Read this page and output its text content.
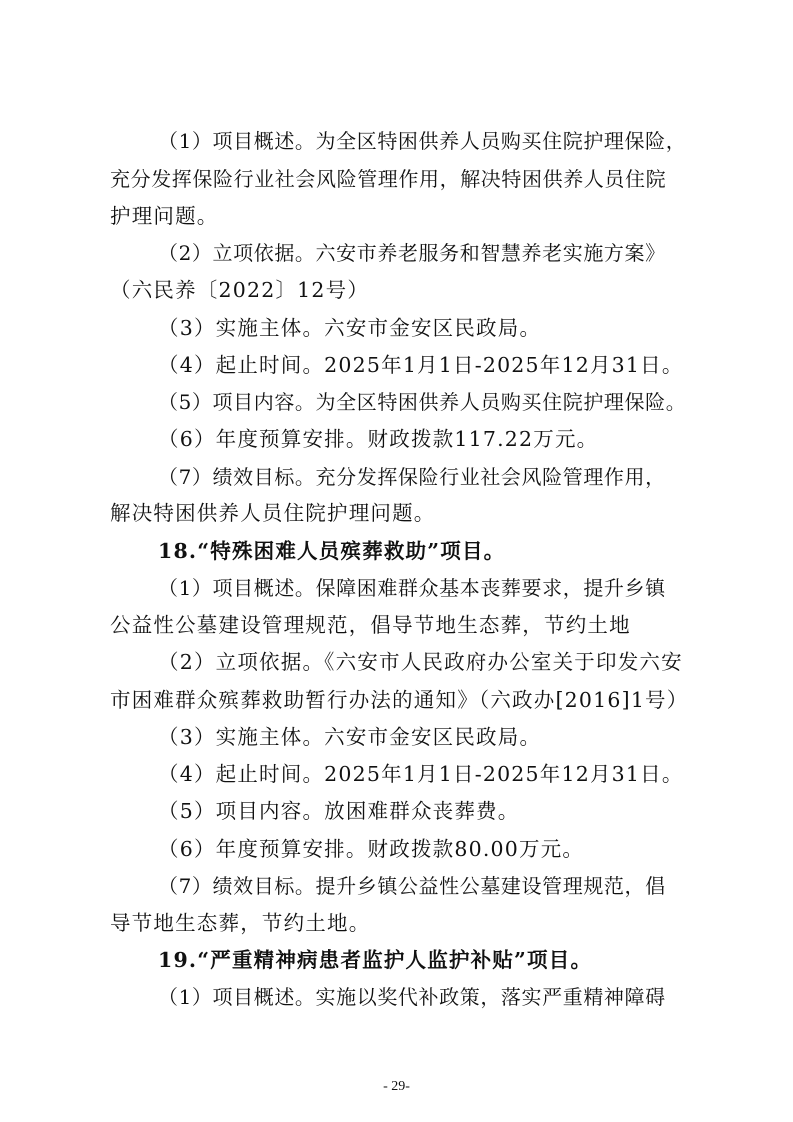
（1）项目概述。为全区特困供养人员购买住院护理保险，
充分发挥保险行业社会风险管理作用，解决特困供养人员住院
护理问题。
（2）立项依据。六安市养老服务和智慧养老实施方案》
（六民养〔2022〕12号）
（3）实施主体。六安市金安区民政局。
（4）起止时间。2025年1月1日-2025年12月31日。
（5）项目内容。为全区特困供养人员购买住院护理保险。
（6）年度预算安排。财政拨款117.22万元。
（7）绩效目标。充分发挥保险行业社会风险管理作用，
解决特困供养人员住院护理问题。
18.“特殊困难人员殡葬救助”项目。
（1）项目概述。保障困难群众基本丧葬要求，提升乡镇
公益性公墓建设管理规范，倡导节地生态葬，节约土地
（2）立项依据。《六安市人民政府办公室关于印发六安
市困难群众殡葬救助暂行办法的通知》（六政办[2016]1号）
（3）实施主体。六安市金安区民政局。
（4）起止时间。2025年1月1日-2025年12月31日。
（5）项目内容。放困难群众丧葬费。
（6）年度预算安排。财政拨款80.00万元。
（7）绩效目标。提升乡镇公益性公墓建设管理规范，倡
导节地生态葬，节约土地。
19.“严重精神病患者监护人监护补贴”项目。
（1）项目概述。实施以奖代补政策，落实严重精神障碍
- 29-
